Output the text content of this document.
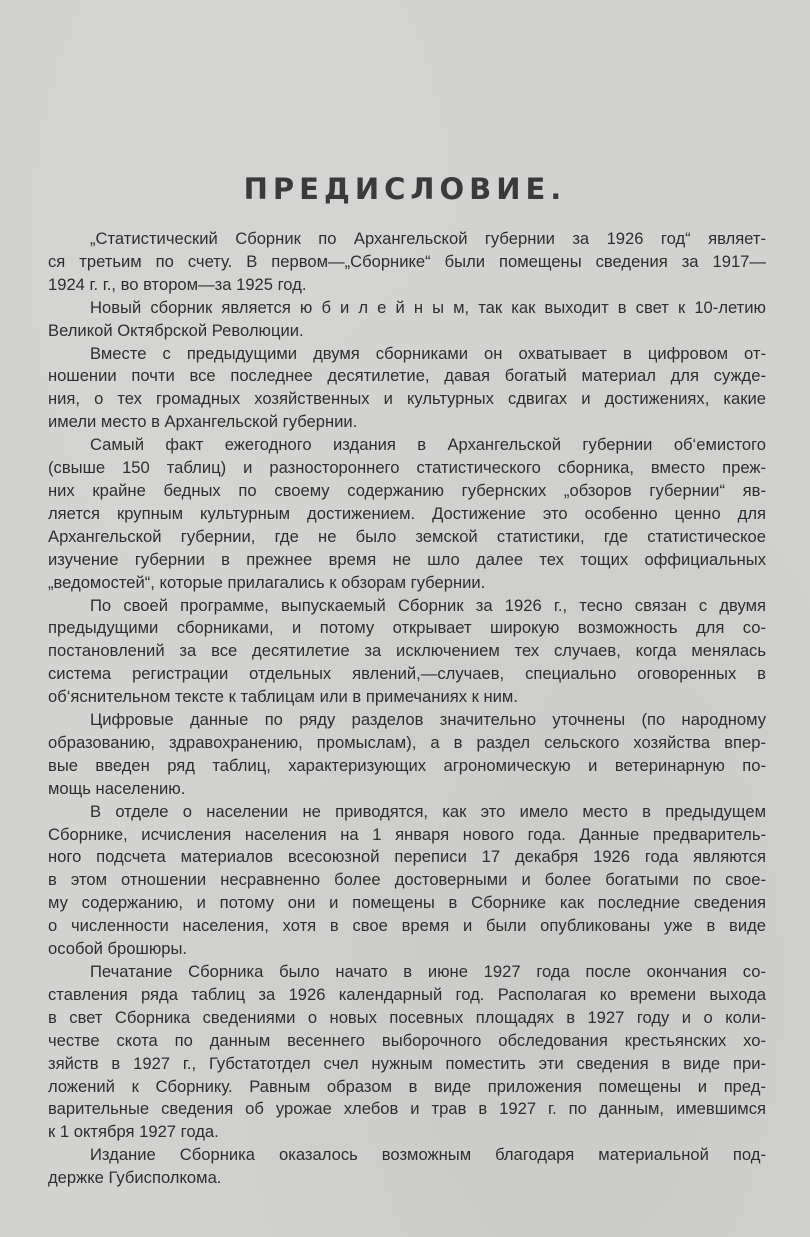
ПРЕДИСЛОВИЕ.
„Статистический Сборник по Архангельской губернии за 1926 год“ являет-
ся третьим по счету. В первом—„Сборнике“ были помещены сведения за 1917—
1924 г. г., во втором—за 1925 год.
Новый сборник является ю б и л е й н ы м, так как выходит в свет к 10-летию
Великой Октябрской Революции.
Вместе с предыдущими двумя сборниками он охватывает в цифровом от-
ношении почти все последнее десятилетие, давая богатый материал для сужде-
ния, о тех громадных хозяйственных и культурных сдвигах и достижениях, какие
имели место в Архангельской губернии.
Самый факт ежегодного издания в Архангельской губернии об‘емистого
(свыше 150 таблиц) и разностороннего статистического сборника, вместо преж-
них крайне бедных по своему содержанию губернских „обзоров губернии“ яв-
ляется крупным культурным достижением. Достижение это особенно ценно для
Архангельской губернии, где не было земской статистики, где статистическое
изучение губернии в прежнее время не шло далее тех тощих оффициальных
„ведомостей“, которые прилагались к обзорам губернии.
По своей программе, выпускаемый Сборник за 1926 г., тесно связан с двумя
предыдущими сборниками, и потому открывает широкую возможность для со-
постановлений за все десятилетие за исключением тех случаев, когда менялась
система регистрации отдельных явлений,—случаев, специально оговоренных в
об‘яснительном тексте к таблицам или в примечаниях к ним.
Цифровые данные по ряду разделов значительно уточнены (по народному
образованию, здравохранению, промыслам), а в раздел сельского хозяйства впер-
вые введен ряд таблиц, характеризующих агрономическую и ветеринарную по-
мощь населению.
В отделе о населении не приводятся, как это имело место в предыдущем
Сборнике, исчисления населения на 1 января нового года. Данные предваритель-
ного подсчета материалов всесоюзной переписи 17 декабря 1926 года являются
в этом отношении несравненно более достоверными и более богатыми по свое-
му содержанию, и потому они и помещены в Сборнике как последние сведения
о численности населения, хотя в свое время и были опубликованы уже в виде
особой брошюры.
Печатание Сборника было начато в июне 1927 года после окончания со-
ставления ряда таблиц за 1926 календарный год. Располагая ко времени выхода
в свет Сборника сведениями о новых посевных площадях в 1927 году и о коли-
честве скота по данным весеннего выборочного обследования крестьянских хо-
зяйств в 1927 г., Губстатотдел счел нужным поместить эти сведения в виде при-
ложений к Сборнику. Равным образом в виде приложения помещены и пред-
варительные сведения об урожае хлебов и трав в 1927 г. по данным, имевшимся
к 1 октября 1927 года.
Издание Сборника оказалось возможным благодаря материальной под-
держке Губисполкома.
